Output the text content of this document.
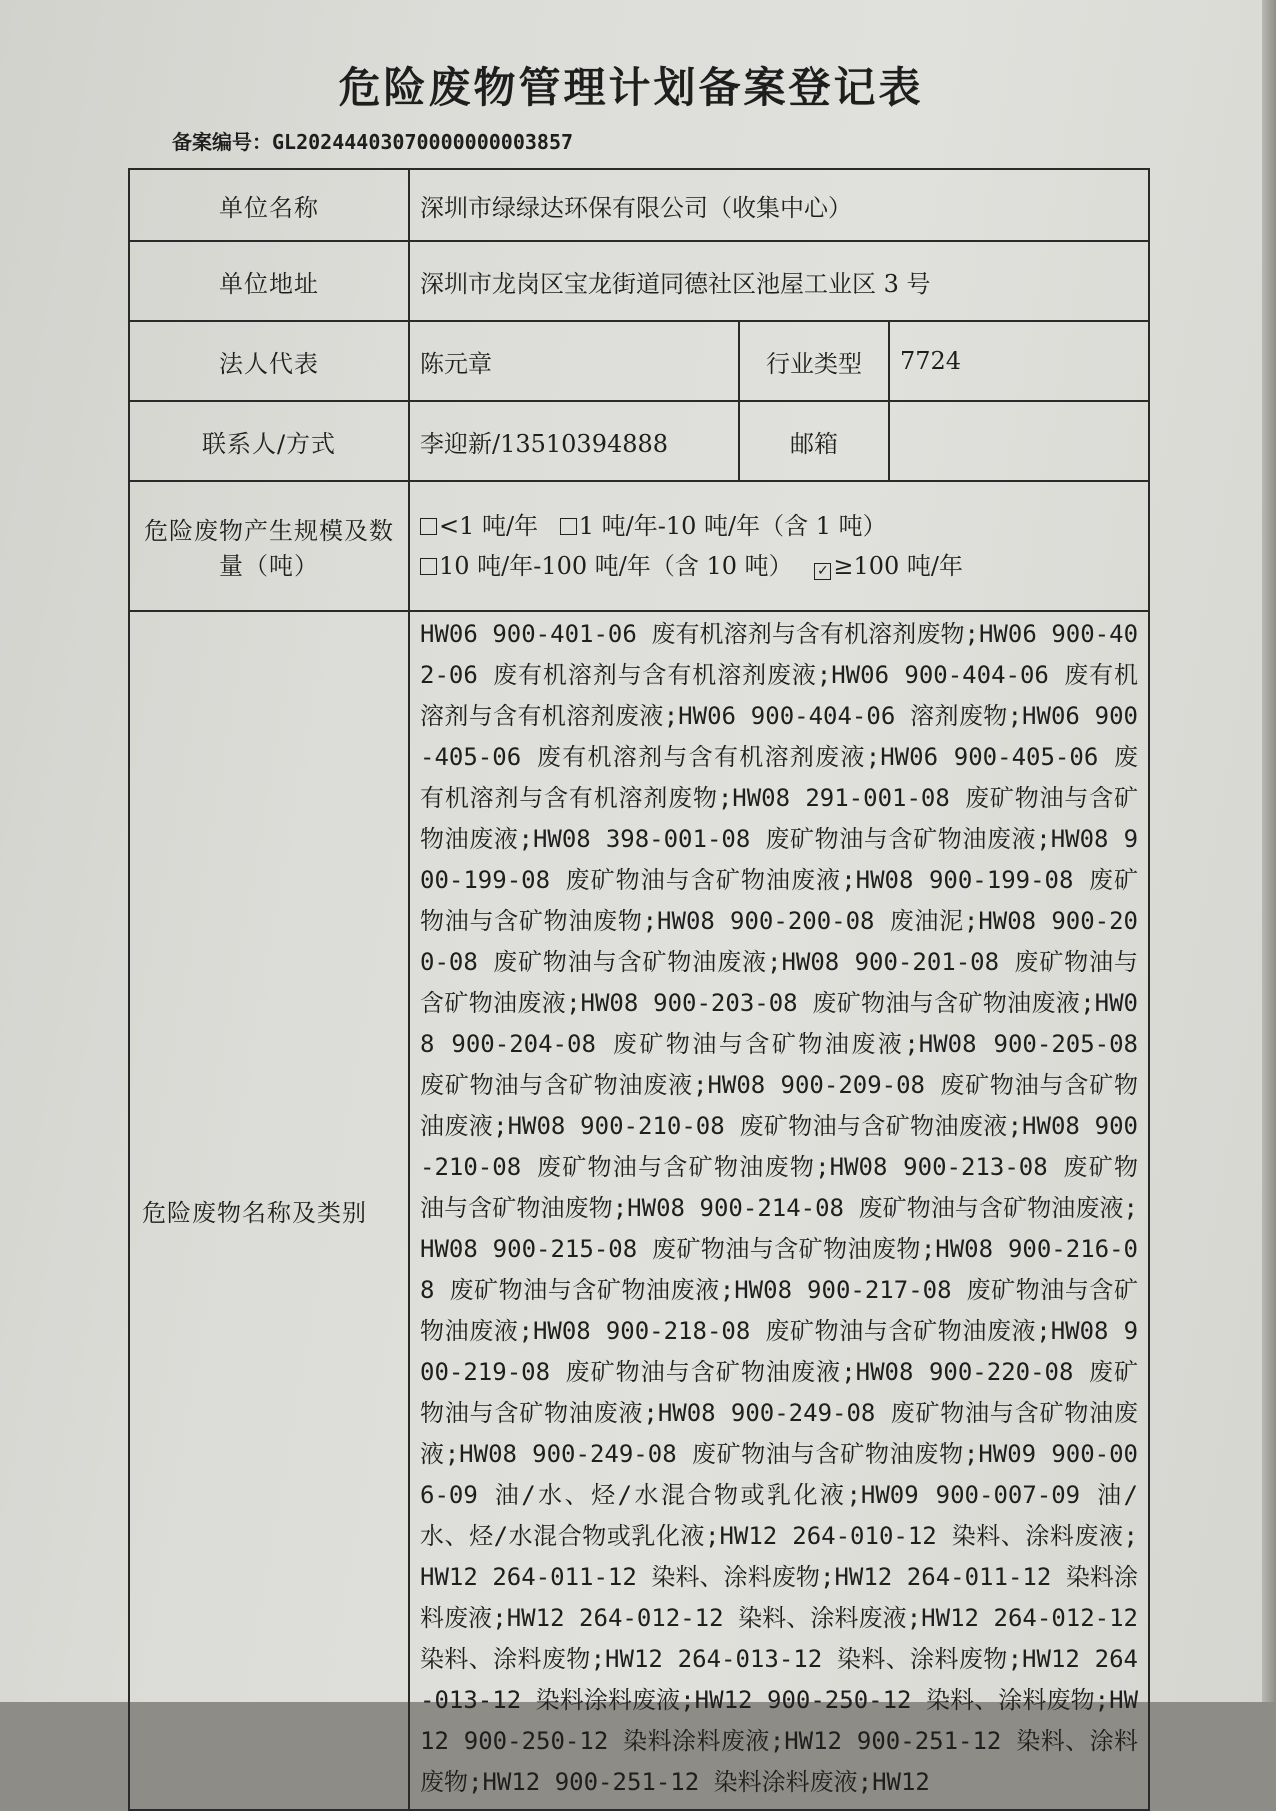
危险废物管理计划备案登记表
备案编号：GL20244403070000000003857
单位名称	深圳市绿绿达环保有限公司（收集中心）		
单位地址	深圳市龙岗区宝龙街道同德社区池屋工业区 3 号		
法人代表	陈元章	行业类型	7724
联系人/方式	李迎新/13510394888	邮箱	
危险废物产生规模及数量（吨）	<1 吨/年 1 吨/年-10 吨/年（含 1 吨） 10 吨/年-100 吨/年（含 10 吨） ✓ ≥100 吨/年		
危险废物名称及类别	HW06 900-401-06 废有机溶剂与含有机溶剂废物;HW06 900-402-06 废有机溶剂与含有机溶剂废液;HW06 900-404-06 废有机溶剂与含有机溶剂废液;HW06 900-404-06 溶剂废物;HW06 900-405-06 废有机溶剂与含有机溶剂废液;HW06 900-405-06 废有机溶剂与含有机溶剂废物;HW08 291-001-08 废矿物油与含矿物油废液;HW08 398-001-08 废矿物油与含矿物油废液;HW08 900-199-08 废矿物油与含矿物油废液;HW08 900-199-08 废矿物油与含矿物油废物;HW08 900-200-08 废油泥;HW08 900-200-08 废矿物油与含矿物油废液;HW08 900-201-08 废矿物油与含矿物油废液;HW08 900-203-08 废矿物油与含矿物油废液;HW08 900-204-08 废矿物油与含矿物油废液;HW08 900-205-08 废矿物油与含矿物油废液;HW08 900-209-08 废矿物油与含矿物油废液;HW08 900-210-08 废矿物油与含矿物油废液;HW08 900-210-08 废矿物油与含矿物油废物;HW08 900-213-08 废矿物油与含矿物油废物;HW08 900-214-08 废矿物油与含矿物油废液;HW08 900-215-08 废矿物油与含矿物油废物;HW08 900-216-08 废矿物油与含矿物油废液;HW08 900-217-08 废矿物油与含矿物油废液;HW08 900-218-08 废矿物油与含矿物油废液;HW08 900-219-08 废矿物油与含矿物油废液;HW08 900-220-08 废矿物油与含矿物油废液;HW08 900-249-08 废矿物油与含矿物油废液;HW08 900-249-08 废矿物油与含矿物油废物;HW09 900-006-09 油/水、烃/水混合物或乳化液;HW09 900-007-09 油/水、烃/水混合物或乳化液;HW12 264-010-12 染料、涂料废液;HW12 264-011-12 染料、涂料废物;HW12 264-011-12 染料涂料废液;HW12 264-012-12 染料、涂料废液;HW12 264-012-12 染料、涂料废物;HW12 264-013-12 染料、涂料废物;HW12 264-013-12 染料涂料废液;HW12 900-250-12 染料、涂料废物;HW12 900-250-12 染料涂料废液;HW12 900-251-12 染料、涂料废物;HW12 900-251-12 染料涂料废液;HW12		
